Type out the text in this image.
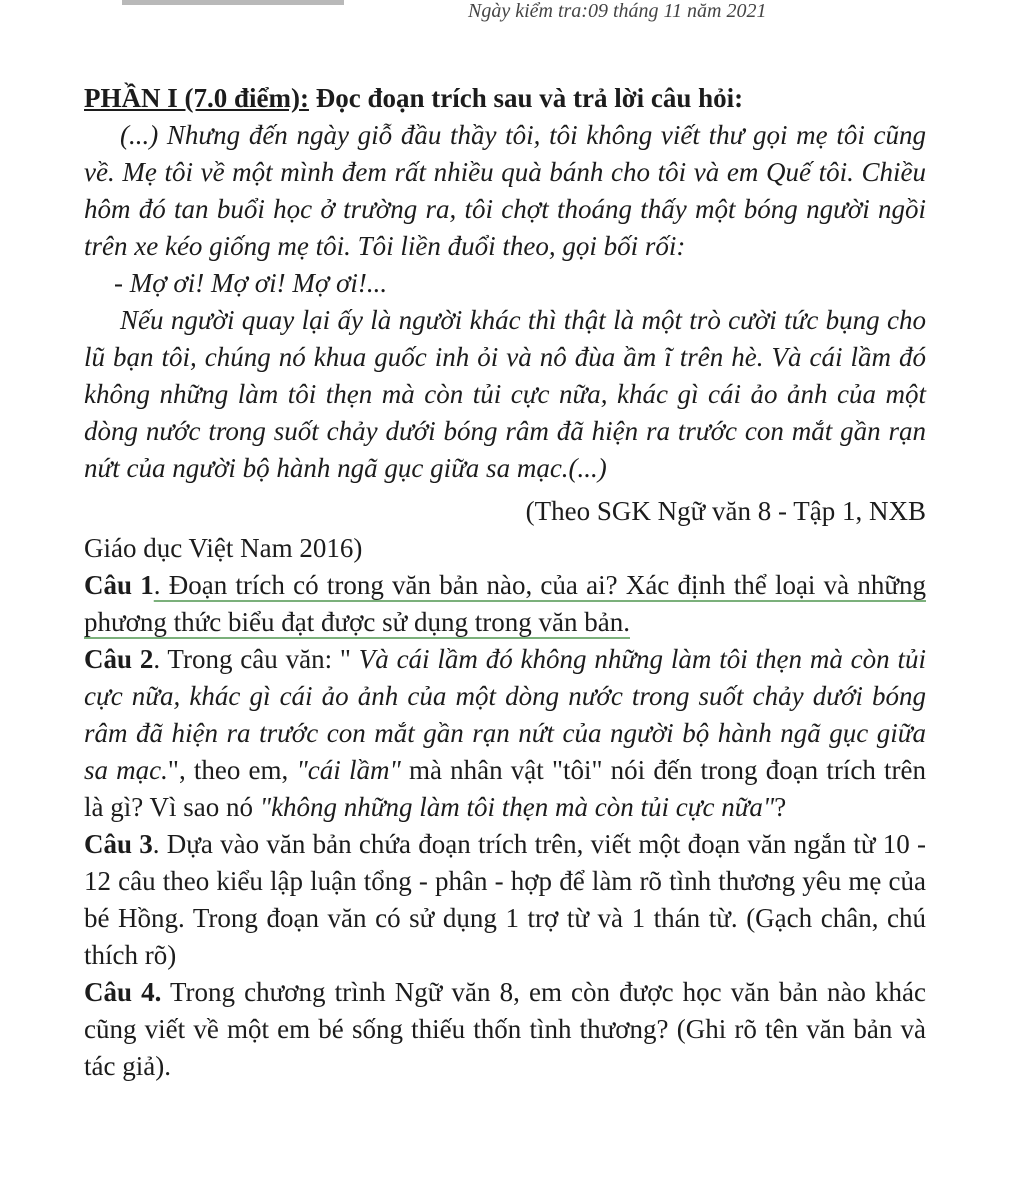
Ngày kiểm tra:09 tháng 11 năm 2021

PHẦN I (7.0 điểm): Đọc đoạn trích sau và trả lời câu hỏi:

(...) Nhưng đến ngày giỗ đầu thầy tôi, tôi không viết thư gọi mẹ tôi cũng về. Mẹ tôi về một mình đem rất nhiều quà bánh cho tôi và em Quế tôi. Chiều hôm đó tan buổi học ở trường ra, tôi chợt thoáng thấy một bóng người ngồi trên xe kéo giống mẹ tôi. Tôi liền đuổi theo, gọi bối rối:

- Mợ ơi! Mợ ơi! Mợ ơi!...

Nếu người quay lại ấy là người khác thì thật là một trò cười tức bụng cho lũ bạn tôi, chúng nó khua guốc inh ỏi và nô đùa ầm ĩ trên hè. Và cái lầm đó không những làm tôi thẹn mà còn tủi cực nữa, khác gì cái ảo ảnh của một dòng nước trong suốt chảy dưới bóng râm đã hiện ra trước con mắt gần rạn nứt của người bộ hành ngã gục giữa sa mạc.(...)

(Theo SGK Ngữ văn 8 - Tập 1, NXB

Giáo dục Việt Nam 2016)

Câu 1. Đoạn trích có trong văn bản nào, của ai? Xác định thể loại và những phương thức biểu đạt được sử dụng trong văn bản.

Câu 2. Trong câu văn: " Và cái lầm đó không những làm tôi thẹn mà còn tủi cực nữa, khác gì cái ảo ảnh của một dòng nước trong suốt chảy dưới bóng râm đã hiện ra trước con mắt gần rạn nứt của người bộ hành ngã gục giữa sa mạc.", theo em, "cái lầm" mà nhân vật "tôi" nói đến trong đoạn trích trên là gì? Vì sao nó "không những làm tôi thẹn mà còn tủi cực nữa"?

Câu 3. Dựa vào văn bản chứa đoạn trích trên, viết một đoạn văn ngắn từ 10 - 12 câu theo kiểu lập luận tổng - phân - hợp để làm rõ tình thương yêu mẹ của bé Hồng. Trong đoạn văn có sử dụng 1 trợ từ và 1 thán từ. (Gạch chân, chú thích rõ)

Câu 4. Trong chương trình Ngữ văn 8, em còn được học văn bản nào khác cũng viết về một em bé sống thiếu thốn tình thương? (Ghi rõ tên văn bản và tác giả).
